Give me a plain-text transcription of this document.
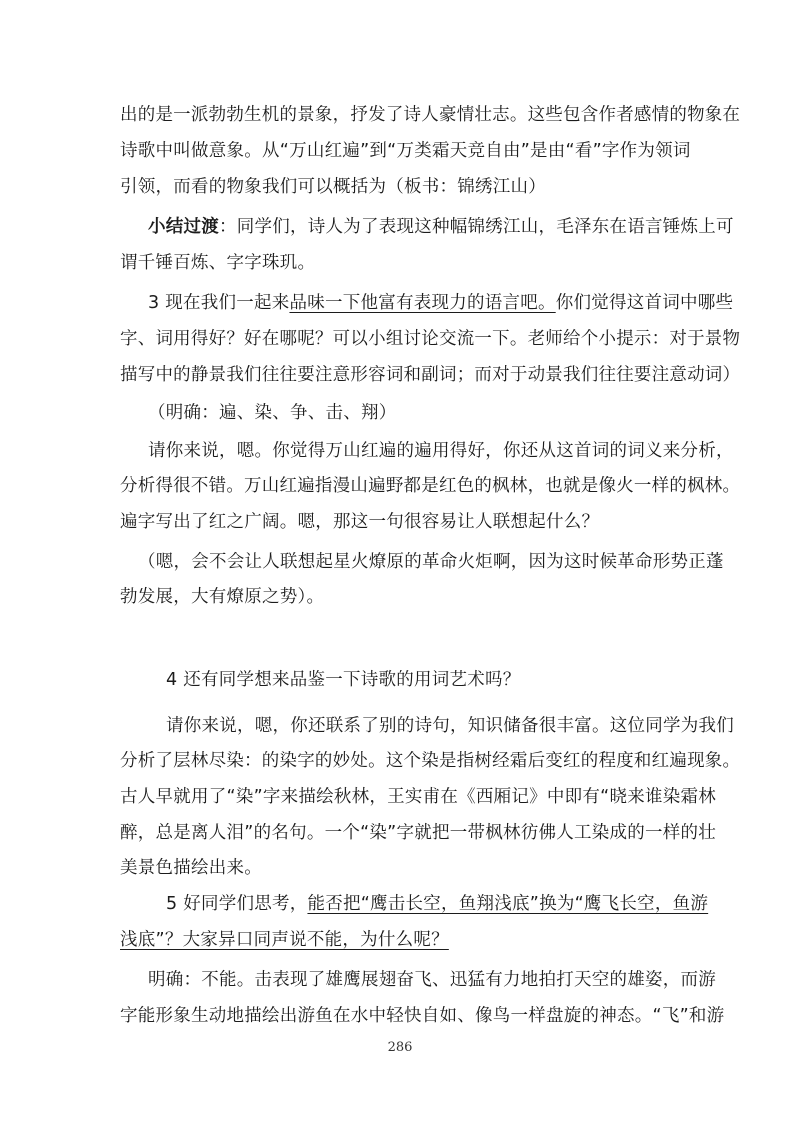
出的是一派勃勃生机的景象，抒发了诗人豪情壮志。这些包含作者感情的物象在
诗歌中叫做意象。从“万山红遍”到“万类霜天竞自由”是由“看”字作为领词
引领，而看的物象我们可以概括为（板书：锦绣江山）
小结过渡：同学们，诗人为了表现这种幅锦绣江山，毛泽东在语言锤炼上可
谓千锤百炼、字字珠玑。
3 现在我们一起来品味一下他富有表现力的语言吧。你们觉得这首词中哪些
字、词用得好？好在哪呢？可以小组讨论交流一下。老师给个小提示：对于景物
描写中的静景我们往往要注意形容词和副词；而对于动景我们往往要注意动词）
（明确：遍、染、争、击、翔）
请你来说，嗯。你觉得万山红遍的遍用得好，你还从这首词的词义来分析，
分析得很不错。万山红遍指漫山遍野都是红色的枫林，也就是像火一样的枫林。
遍字写出了红之广阔。嗯，那这一句很容易让人联想起什么？
（嗯，会不会让人联想起星火燎原的革命火炬啊，因为这时候革命形势正蓬
勃发展，大有燎原之势）。
4 还有同学想来品鉴一下诗歌的用词艺术吗？
请你来说，嗯，你还联系了别的诗句，知识储备很丰富。这位同学为我们
分析了层林尽染：的染字的妙处。这个染是指树经霜后变红的程度和红遍现象。
古人早就用了“染”字来描绘秋林，王实甫在《西厢记》中即有“晓来谁染霜林
醉，总是离人泪”的名句。一个“染”字就把一带枫林彷佛人工染成的一样的壮
美景色描绘出来。
5 好同学们思考，能否把“鹰击长空，鱼翔浅底”换为“鹰飞长空，鱼游
浅底”？大家异口同声说不能，为什么呢？
明确：不能。击表现了雄鹰展翅奋飞、迅猛有力地拍打天空的雄姿，而游
字能形象生动地描绘出游鱼在水中轻快自如、像鸟一样盘旋的神态。“飞”和游
286
